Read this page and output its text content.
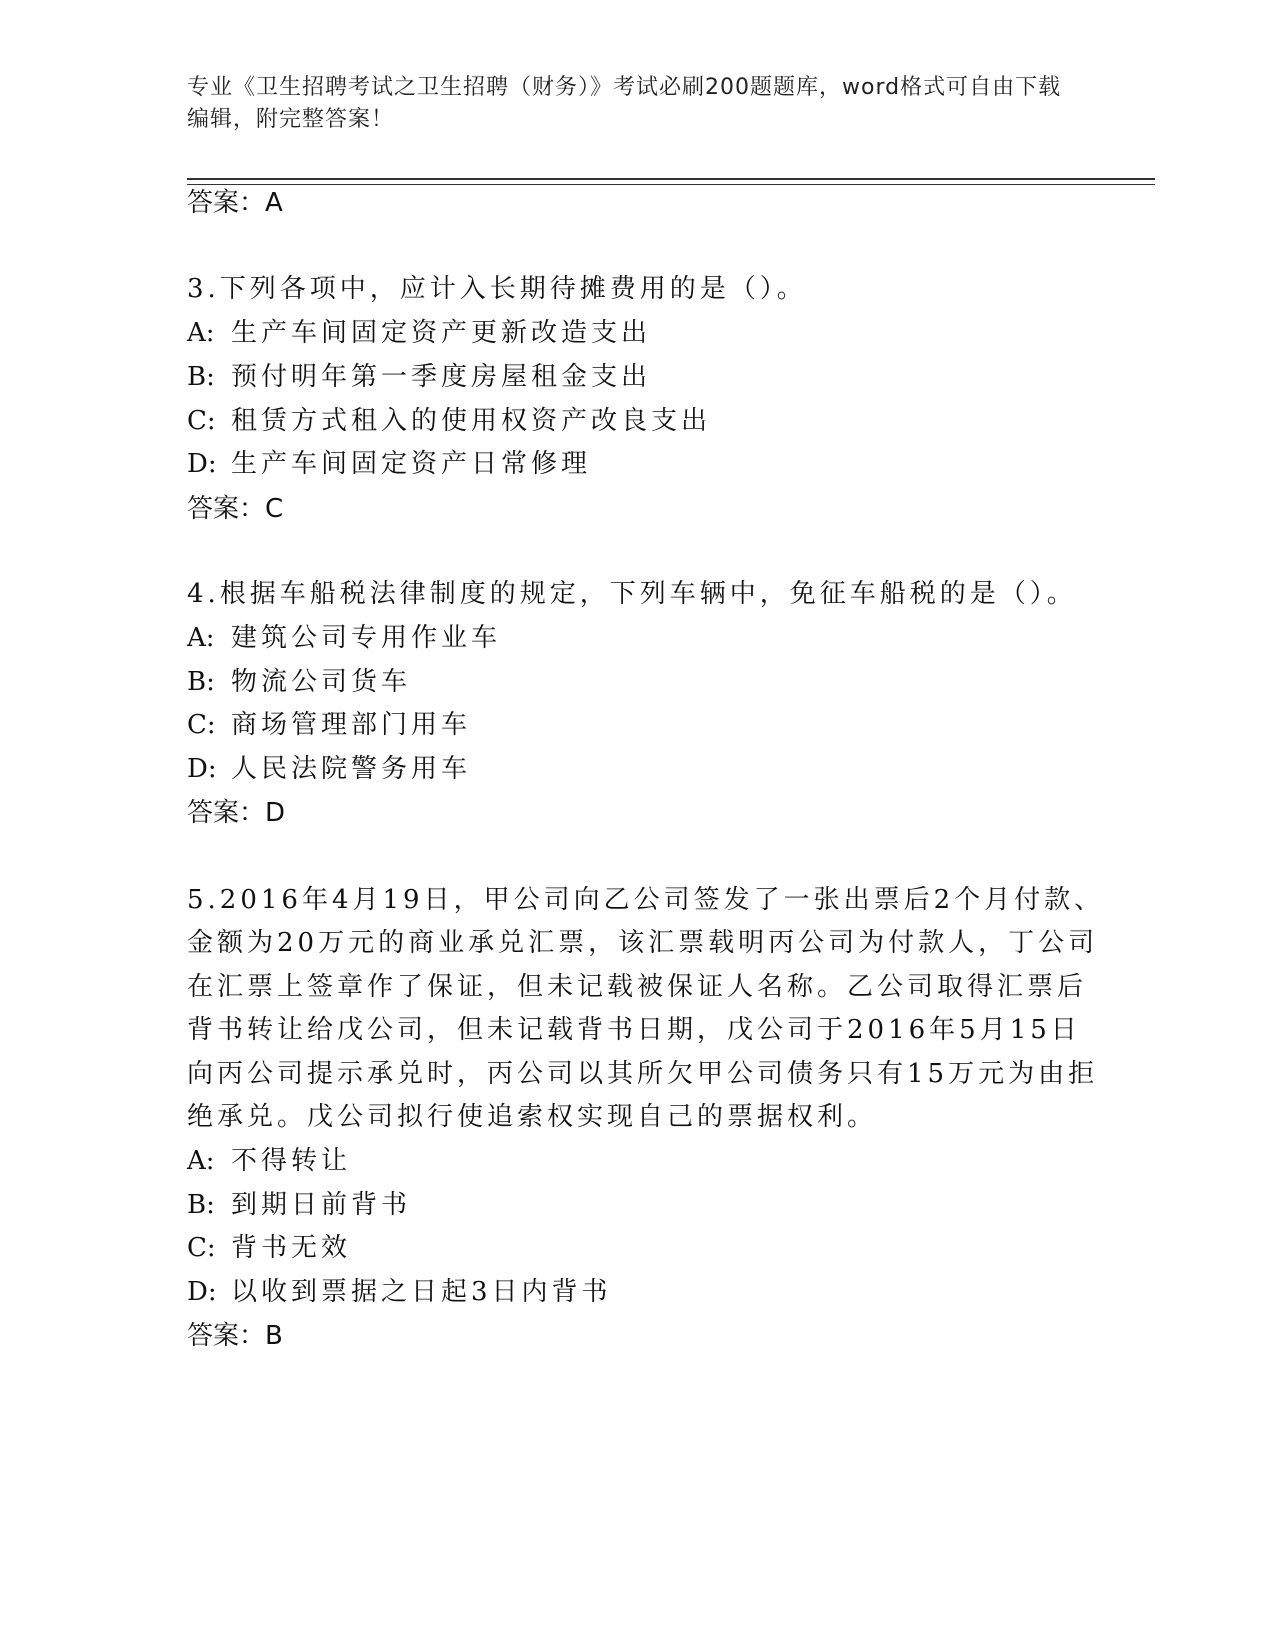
专业《卫生招聘考试之卫生招聘（财务）》考试必刷200题题库，word格式可自由下载编辑，附完整答案！
答案：A
3.下列各项中，应计入长期待摊费用的是（）。
A: 生产车间固定资产更新改造支出
B: 预付明年第一季度房屋租金支出
C: 租赁方式租入的使用权资产改良支出
D: 生产车间固定资产日常修理
答案：C
4.根据车船税法律制度的规定，下列车辆中，免征车船税的是（）。
A: 建筑公司专用作业车
B: 物流公司货车
C: 商场管理部门用车
D: 人民法院警务用车
答案：D
5.2016年4月19日，甲公司向乙公司签发了一张出票后2个月付款、
金额为20万元的商业承兑汇票，该汇票载明丙公司为付款人，丁公司
在汇票上签章作了保证，但未记载被保证人名称。乙公司取得汇票后
背书转让给戊公司，但未记载背书日期，戊公司于2016年5月15日
向丙公司提示承兑时，丙公司以其所欠甲公司债务只有15万元为由拒
绝承兑。戊公司拟行使追索权实现自己的票据权利。
A: 不得转让
B: 到期日前背书
C: 背书无效
D: 以收到票据之日起3日内背书
答案：B
